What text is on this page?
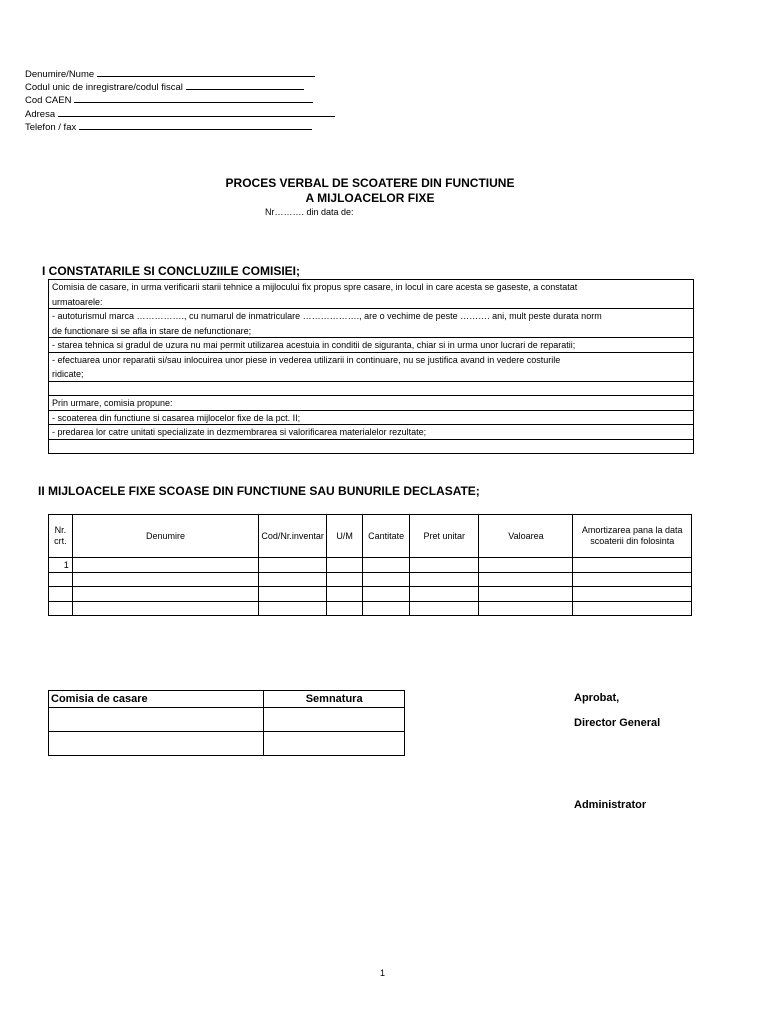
Denumire/Nume
Codul unic de inregistrare/codul fiscal
Cod CAEN
Adresa
Telefon / fax
PROCES VERBAL DE SCOATERE DIN FUNCTIUNE
A MIJLOACELOR FIXE
Nr………. din data de:
I CONSTATARILE SI CONCLUZIILE COMISIEI;
Comisia de casare, in urma verificarii starii tehnice a mijlocului fix propus spre casare, in locul in care acesta se gaseste, a constatat
urmatoarele:
- autoturismul marca ……………., cu numarul de inmatriculare ………………., are o vechime de peste ………. ani, mult peste durata norm
de functionare si se afla in stare de nefunctionare;
- starea tehnica si gradul de uzura nu mai permit utilizarea acestuia in conditii de siguranta, chiar si in urma unor lucrari de reparatii;
- efectuarea unor reparatii si/sau inlocuirea unor piese in vederea utilizarii in continuare, nu se justifica avand in vedere costurile
ridicate;
Prin urmare, comisia propune:
- scoaterea din functiune si casarea mijlocelor fixe de la pct. II;
- predarea lor catre unitati specializate in dezmembrarea si valorificarea materialelor rezultate;
II MIJLOACELE FIXE SCOASE DIN FUNCTIUNE SAU BUNURILE DECLASATE;
Nr. crt.	Denumire	Cod/Nr.inventar	U/M	Cantitate	Pret unitar	Valoarea	Amortizarea pana la data scoaterii din folosinta
1							

Comisia de casare	Semnatura

		Aprobat,
Director General
Administrator
1
